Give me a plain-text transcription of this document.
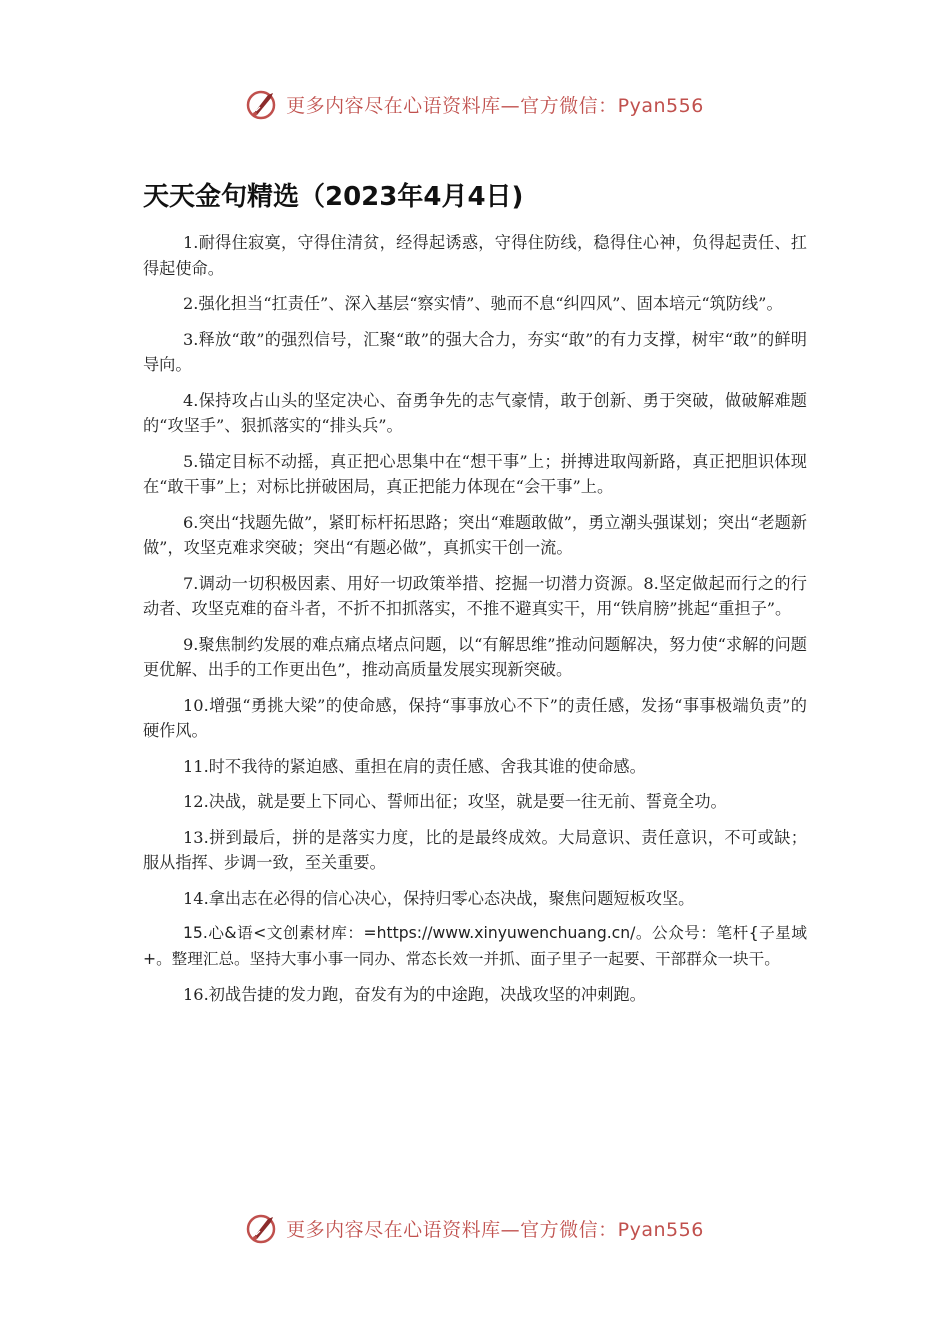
更多内容尽在心语资料库—官方微信：Pyan556
天天金句精选（2023年4月4日)

1.耐得住寂寞，守得住清贫，经得起诱惑，守得住防线，稳得住心神，负得起责任、扛得起使命。

2.强化担当“扛责任”、深入基层“察实情”、驰而不息“纠四风”、固本培元“筑防线”。

3.释放“敢”的强烈信号，汇聚“敢”的强大合力，夯实“敢”的有力支撑，树牢“敢”的鲜明导向。

4.保持攻占山头的坚定决心、奋勇争先的志气豪情，敢于创新、勇于突破，做破解难题的“攻坚手”、狠抓落实的“排头兵”。

5.锚定目标不动摇，真正把心思集中在“想干事”上；拼搏进取闯新路，真正把胆识体现在“敢干事”上；对标比拼破困局，真正把能力体现在“会干事”上。

6.突出“找题先做”，紧盯标杆拓思路；突出“难题敢做”，勇立潮头强谋划；突出“老题新做”，攻坚克难求突破；突出“有题必做”，真抓实干创一流。

7.调动一切积极因素、用好一切政策举措、挖掘一切潜力资源。8.坚定做起而行之的行动者、攻坚克难的奋斗者，不折不扣抓落实，不推不避真实干，用“铁肩膀”挑起“重担子”。

9.聚焦制约发展的难点痛点堵点问题，以“有解思维”推动问题解决，努力使“求解的问题更优解、出手的工作更出色”，推动高质量发展实现新突破。

10.增强“勇挑大梁”的使命感，保持“事事放心不下”的责任感，发扬“事事极端负责”的硬作风。

11.时不我待的紧迫感、重担在肩的责任感、舍我其谁的使命感。

12.决战，就是要上下同心、誓师出征；攻坚，就是要一往无前、誓竟全功。

13.拼到最后，拼的是落实力度，比的是最终成效。大局意识、责任意识，不可或缺；服从指挥、步调一致，至关重要。

14.拿出志在必得的信心决心，保持归零心态决战，聚焦问题短板攻坚。

15.心&语<文创素材库：=https://www.xinyuwenchuang.cn/。公众号：笔杆{子星域+。整理汇总。坚持大事小事一同办、常态长效一并抓、面子里子一起要、干部群众一块干。

16.初战告捷的发力跑，奋发有为的中途跑，决战攻坚的冲刺跑。

更多内容尽在心语资料库—官方微信：Pyan556
